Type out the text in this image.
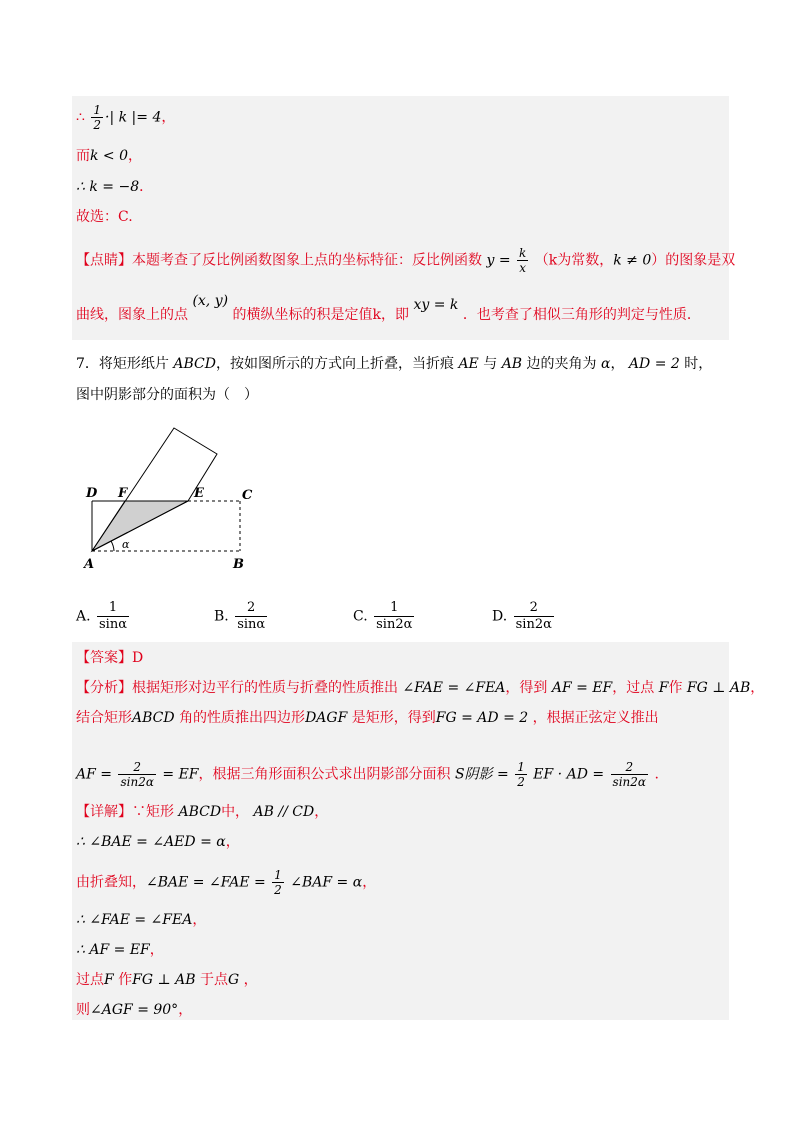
∴ $\frac{1}{2}$ ·| k |= 4，
而k < 0，
∴ k = −8．
故选：C.
【点睛】本题考查了反比例函数图象上点的坐标特征：反比例函数 $y = \frac{k}{x} (k$为常数，k ≠ 0）的图象是双
曲线，图象上的点 (x, y) 的横纵坐标的积是定值k，即 xy = k ．也考查了相似三角形的判定与性质．
7．将矩形纸片 ABCD，按如图所示的方式向上折叠，当折痕 AE 与 AB 边的夹角为 α， AD = 2 时，
图中阴影部分的面积为（　）
D F	E	C
A	B
α
A. $\frac{1}{\sin\alpha}$	B. $\frac{2}{\sin\alpha}$	C. $\frac{1}{\sin 2\alpha}$	D. $\frac{2}{\sin 2\alpha}$
【答案】D
【分析】根据矩形对边平行的性质与折叠的性质推出 ∠FAE = ∠FEA，得到 AF = EF，过点 F作 FG ⊥ AB，
结合矩形ABCD 角的性质推出四边形DAGF 是矩形，得到FG = AD = 2 ，根据正弦定义推出
AF = $\frac{2}{\sin 2\alpha}$ = EF，根据三角形面积公式求出阴影部分面积 S阴影 = $\frac{1}{2}$ EF · AD = $\frac{2}{\sin 2\alpha}$ .
【详解】∵矩形 ABCD中， AB // CD，
∴ ∠BAE = ∠AED = α，
由折叠知，∠BAE = ∠FAE = $\frac{1}{2}$ ∠BAF = α，
∴ ∠FAE = ∠FEA，
∴ AF = EF，
过点F 作FG ⊥ AB 于点G ，
则∠AGF = 90°，
